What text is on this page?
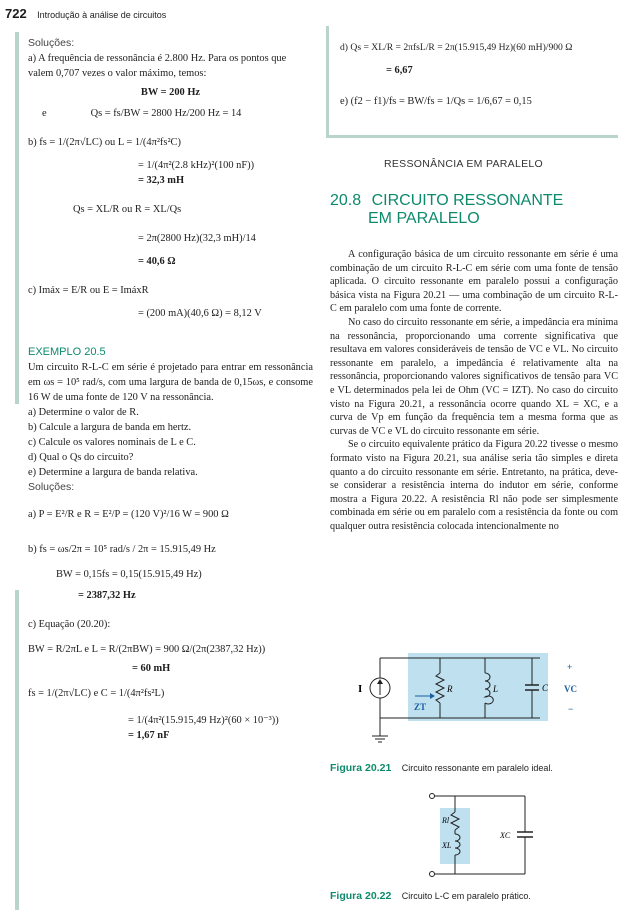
722 Introdução à análise de circuitos
Soluções:
a) A frequência de ressonância é 2.800 Hz. Para os pontos que valem 0,707 vezes o valor máximo, temos:
BW = 200 Hz
e	Qs = fs/BW = 2800 Hz/200 Hz = 14
b) fs = 1/(2π√LC) ou L = 1/(4π²fs²C)
= 1/(4π²(2.8 kHz)²(100 nF))
= 32,3 mH
Qs = XL/R ou R = XL/Qs
= 2π(2800 Hz)(32,3 mH)/14
= 40,6 Ω
c) Imáx = E/R ou E = ImáxR
= (200 mA)(40,6 Ω) = 8,12 V
EXEMPLO 20.5
Um circuito R-L-C em série é projetado para entrar em ressonância em ωs = 10⁵ rad/s, com uma largura de banda de 0,15ωs, e consome 16 W de uma fonte de 120 V na ressonância.
a) Determine o valor de R.
b) Calcule a largura de banda em hertz.
c) Calcule os valores nominais de L e C.
d) Qual o Qs do circuito?
e) Determine a largura de banda relativa.
Soluções:
a) P = E²/R e R = E²/P = (120 V)²/16 W = 900 Ω
b) fs = ωs/2π = 10⁵ rad/s / 2π = 15.915,49 Hz
BW = 0,15fs = 0,15(15.915,49 Hz)
= 2387,32 Hz
c) Equação (20.20):
BW = R/2πL e L = R/(2πBW) = 900 Ω/(2π(2387,32 Hz))
= 60 mH
fs = 1/(2π√LC) e C = 1/(4π²fs²L)
= 1/(4π²(15.915,49 Hz)²(60 × 10⁻³))
= 1,67 nF
d) Qs = XL/R = 2πfsL/R = 2π(15.915,49 Hz)(60 mH)/900 Ω
= 6,67
e) (f2 − f1)/fs = BW/fs = 1/Qs = 1/6,67 = 0,15
RESSONÂNCIA EM PARALELO
20.8 CIRCUITO RESSONANTE
EM PARALELO
A configuração básica de um circuito ressonante em série é uma combinação de um circuito R-L-C em série com uma fonte de tensão aplicada. O circuito ressonante em paralelo possui a configuração básica vista na Figura 20.21 — uma combinação de um circuito R-L-C em paralelo com uma fonte de corrente.
No caso do circuito ressonante em série, a impedância era mínima na ressonância, proporcionando uma corrente significativa que resultava em valores consideráveis de tensão de VC e VL. No circuito ressonante em paralelo, a impedância é relativamente alta na ressonância, proporcionando valores significativos de tensão para VC e VL determinados pela lei de Ohm (VC = IZT). No caso do circuito visto na Figura 20.21, a ressonância ocorre quando XL = XC, e a curva de Vp em função da frequência tem a mesma forma que as curvas de VC e VL do circuito ressonante em série.
Se o circuito equivalente prático da Figura 20.22 tivesse o mesmo formato visto na Figura 20.21, sua análise seria tão simples e direta quanto a do circuito ressonante em série. Entretanto, na prática, deve-se considerar a resistência interna do indutor em série, conforme mostra a Figura 20.22. A resistência Rl não pode ser simplesmente combinada em série ou em paralelo com a resistência da fonte ou com qualquer outra resistência colocada intencionalmente no
I	R	L	C VC
+
−
ZT
Figura 20.21 Circuito ressonante em paralelo ideal.
Rl
XL
XC
Figura 20.22 Circuito L-C em paralelo prático.
